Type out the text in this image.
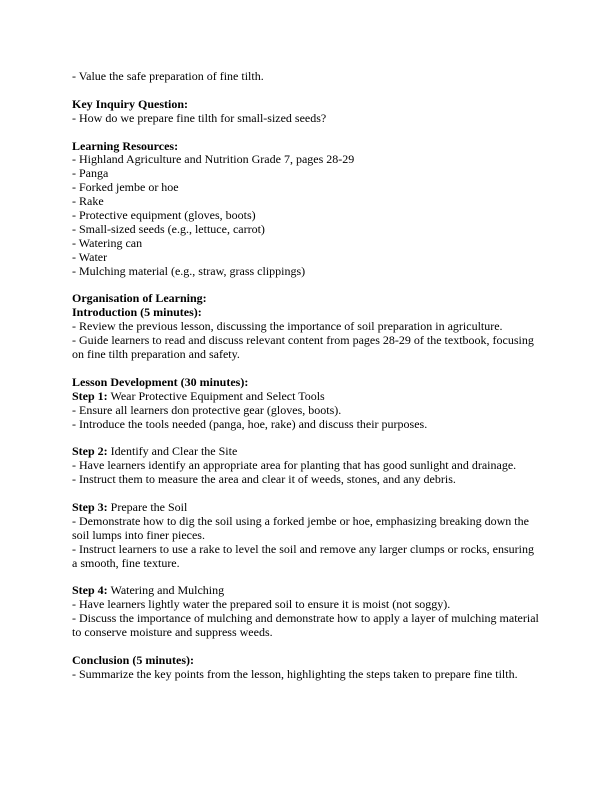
- Value the safe preparation of fine tilth.
Key Inquiry Question:
- How do we prepare fine tilth for small-sized seeds?
Learning Resources:
- Highland Agriculture and Nutrition Grade 7, pages 28-29
- Panga
- Forked jembe or hoe
- Rake
- Protective equipment (gloves, boots)
- Small-sized seeds (e.g., lettuce, carrot)
- Watering can
- Water
- Mulching material (e.g., straw, grass clippings)
Organisation of Learning:
Introduction (5 minutes):
- Review the previous lesson, discussing the importance of soil preparation in agriculture.
- Guide learners to read and discuss relevant content from pages 28-29 of the textbook, focusing on fine tilth preparation and safety.
Lesson Development (30 minutes):
Step 1: Wear Protective Equipment and Select Tools
- Ensure all learners don protective gear (gloves, boots).
- Introduce the tools needed (panga, hoe, rake) and discuss their purposes.
Step 2: Identify and Clear the Site
- Have learners identify an appropriate area for planting that has good sunlight and drainage.
- Instruct them to measure the area and clear it of weeds, stones, and any debris.
Step 3: Prepare the Soil
- Demonstrate how to dig the soil using a forked jembe or hoe, emphasizing breaking down the soil lumps into finer pieces.
- Instruct learners to use a rake to level the soil and remove any larger clumps or rocks, ensuring a smooth, fine texture.
Step 4: Watering and Mulching
- Have learners lightly water the prepared soil to ensure it is moist (not soggy).
- Discuss the importance of mulching and demonstrate how to apply a layer of mulching material to conserve moisture and suppress weeds.
Conclusion (5 minutes):
- Summarize the key points from the lesson, highlighting the steps taken to prepare fine tilth.
